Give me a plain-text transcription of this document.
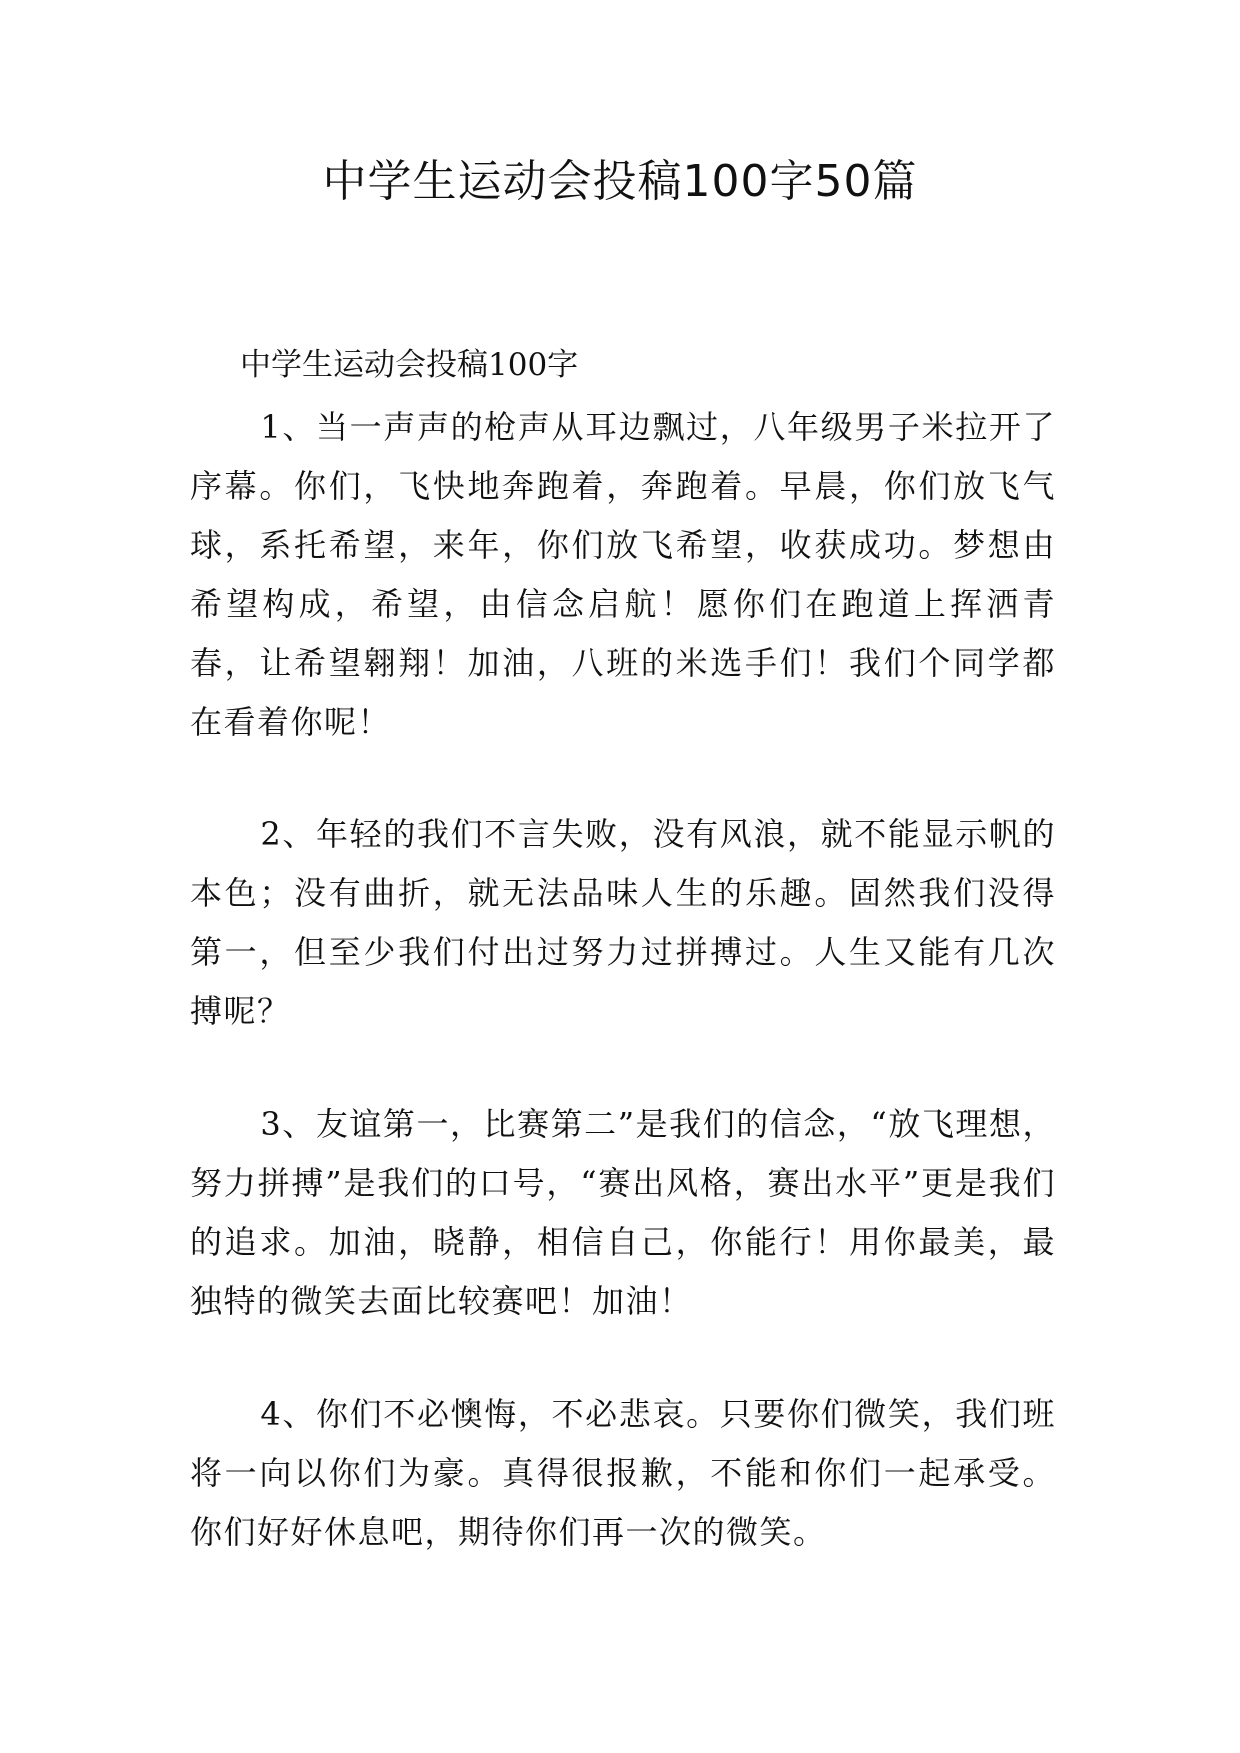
中学生运动会投稿100字50篇
中学生运动会投稿100字

1、当一声声的枪声从耳边飘过，八年级男子米拉开了序幕。你们，飞快地奔跑着，奔跑着。早晨，你们放飞气球，系托希望，来年，你们放飞希望，收获成功。梦想由希望构成，希望，由信念启航！愿你们在跑道上挥洒青春，让希望翱翔！加油，八班的米选手们！我们个同学都在看着你呢！

2、年轻的我们不言失败，没有风浪，就不能显示帆的本色；没有曲折，就无法品味人生的乐趣。固然我们没得第一，但至少我们付出过努力过拼搏过。人生又能有几次搏呢？

3、友谊第一，比赛第二”是我们的信念，“放飞理想，努力拼搏”是我们的口号，“赛出风格，赛出水平”更是我们的追求。加油，晓静，相信自己，你能行！用你最美，最独特的微笑去面比较赛吧！加油！

4、你们不必懊悔，不必悲哀。只要你们微笑，我们班将一向以你们为豪。真得很报歉，不能和你们一起承受。你们好好休息吧，期待你们再一次的微笑。
